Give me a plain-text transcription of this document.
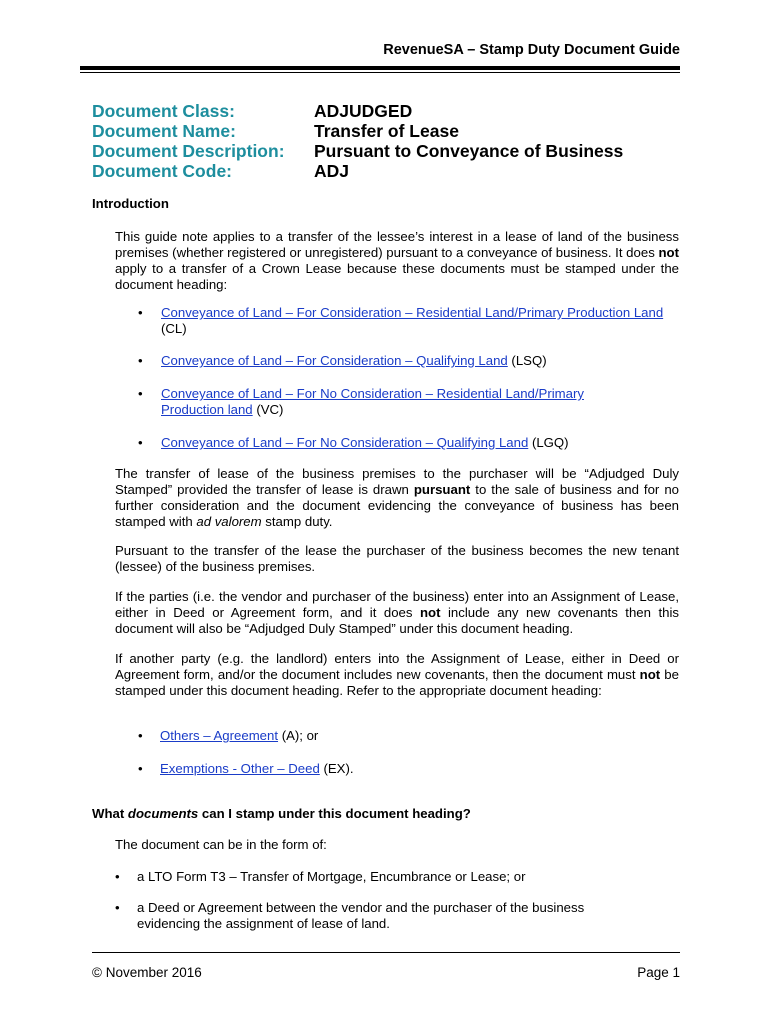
RevenueSA – Stamp Duty Document Guide
Document Class:	ADJUDGED
Document Name:	Transfer of Lease
Document Description:	Pursuant to Conveyance of Business
Document Code:	ADJ
Introduction

This guide note applies to a transfer of the lessee’s interest in a lease of land of the business premises (whether registered or unregistered) pursuant to a conveyance of business. It does not apply to a transfer of a Crown Lease because these documents must be stamped under the document heading:

• Conveyance of Land – For Consideration – Residential Land/Primary Production Land (CL)
• Conveyance of Land – For Consideration – Qualifying Land (LSQ)
• Conveyance of Land – For No Consideration – Residential Land/Primary Production land (VC)
• Conveyance of Land – For No Consideration – Qualifying Land (LGQ)

The transfer of lease of the business premises to the purchaser will be “Adjudged Duly Stamped” provided the transfer of lease is drawn pursuant to the sale of business and for no further consideration and the document evidencing the conveyance of business has been stamped with ad valorem stamp duty.

Pursuant to the transfer of the lease the purchaser of the business becomes the new tenant (lessee) of the business premises.

If the parties (i.e. the vendor and purchaser of the business) enter into an Assignment of Lease, either in Deed or Agreement form, and it does not include any new covenants then this document will also be “Adjudged Duly Stamped” under this document heading.

If another party (e.g. the landlord) enters into the Assignment of Lease, either in Deed or Agreement form, and/or the document includes new covenants, then the document must not be stamped under this document heading. Refer to the appropriate document heading:

• Others – Agreement (A); or
• Exemptions - Other – Deed (EX).
What documents can I stamp under this document heading?

The document can be in the form of:

• a LTO Form T3 – Transfer of Mortgage, Encumbrance or Lease; or
• a Deed or Agreement between the vendor and the purchaser of the business evidencing the assignment of lease of land.
© November 2016	Page 1
